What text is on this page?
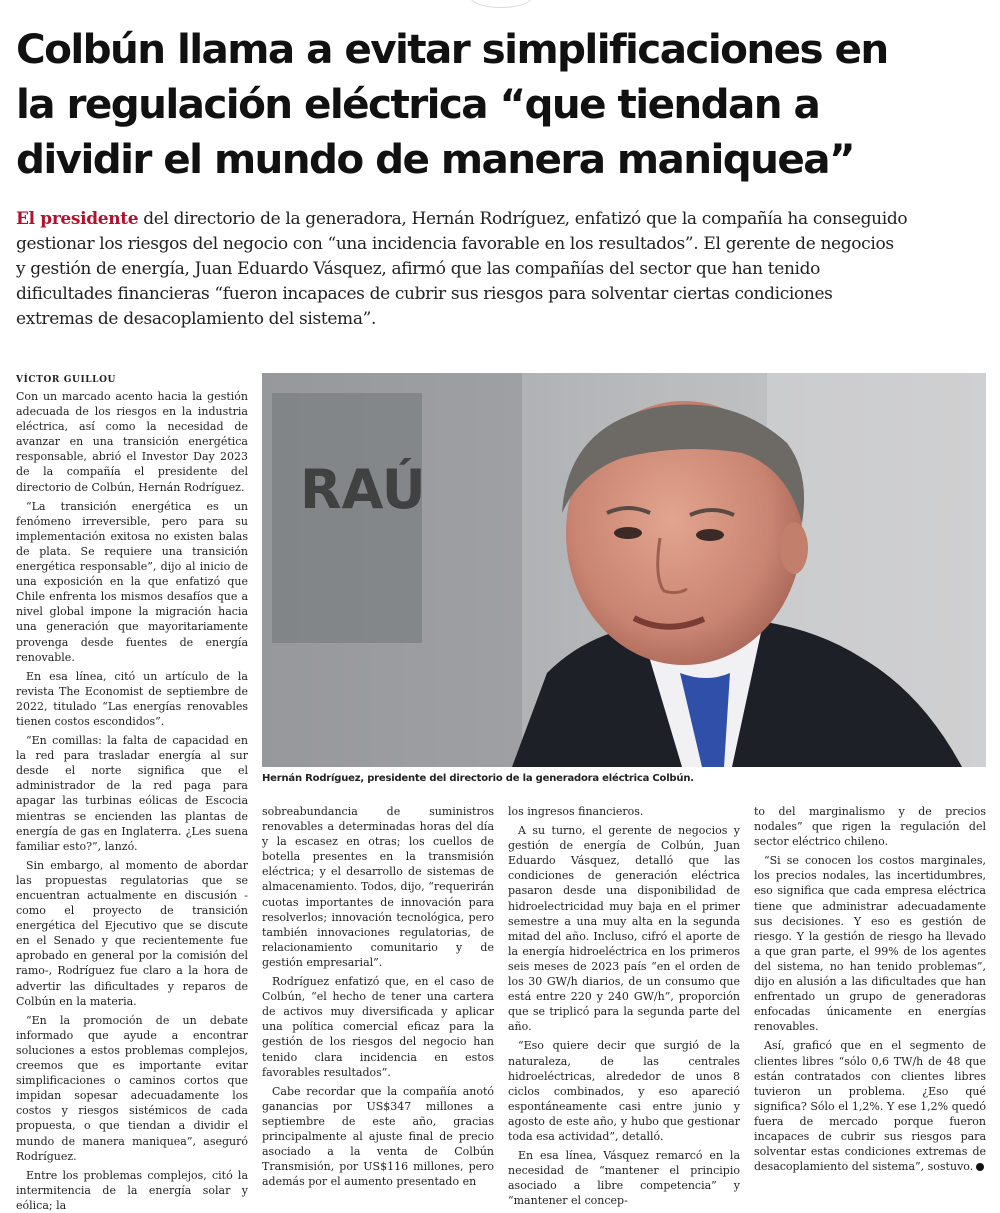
Colbún llama a evitar simplificaciones en
la regulación eléctrica “que tiendan a
dividir el mundo de manera maniquea”

El presidente del directorio de la generadora, Hernán Rodríguez, enfatizó que la compañía ha conseguido
gestionar los riesgos del negocio con “una incidencia favorable en los resultados”. El gerente de negocios
y gestión de energía, Juan Eduardo Vásquez, afirmó que las compañías del sector que han tenido
dificultades financieras “fueron incapaces de cubrir sus riesgos para solventar ciertas condiciones
extremas de desacoplamiento del sistema”.

VÍCTOR GUILLOU

Con un marcado acento hacia la gestión adecuada de los riesgos en la industria eléctrica, así como la necesidad de avanzar en una transición energética responsable, abrió el Investor Day 2023 de la compañía el presidente del directorio de Colbún, Hernán Rodríguez.

“La transición energética es un fenómeno irreversible, pero para su implementación exitosa no existen balas de plata. Se requiere una transición energética responsable”, dijo al inicio de una exposición en la que enfatizó que Chile enfrenta los mismos desafíos que a nivel global impone la migración hacia una generación que mayoritariamente provenga desde fuentes de energía renovable.

En esa línea, citó un artículo de la revista The Economist de septiembre de 2022, titulado “Las energías renovables tienen costos escondidos”.

“En comillas: la falta de capacidad en la red para trasladar energía al sur desde el norte significa que el administrador de la red paga para apagar las turbinas eólicas de Escocia mientras se encienden las plantas de energía de gas en Inglaterra. ¿Les suena familiar esto?”, lanzó.

Sin embargo, al momento de abordar las propuestas regulatorias que se encuentran actualmente en discusión -como el proyecto de transición energética del Ejecutivo que se discute en el Senado y que recientemente fue aprobado en general por la comisión del ramo-, Rodríguez fue claro a la hora de advertir las dificultades y reparos de Colbún en la materia.

“En la promoción de un debate informado que ayude a encontrar soluciones a estos problemas complejos, creemos que es importante evitar simplificaciones o caminos cortos que impidan sopesar adecuadamente los costos y riesgos sistémicos de cada propuesta, o que tiendan a dividir el mundo de manera maniquea”, aseguró Rodríguez.

Entre los problemas complejos, citó la intermitencia de la energía solar y eólica; la

RAÚ

Hernán Rodríguez, presidente del directorio de la generadora eléctrica Colbún.

sobreabundancia de suministros renovables a determinadas horas del día y la escasez en otras; los cuellos de botella presentes en la transmisión eléctrica; y el desarrollo de sistemas de almacenamiento. Todos, dijo, “requerirán cuotas importantes de innovación para resolverlos; innovación tecnológica, pero también innovaciones regulatorias, de relacionamiento comunitario y de gestión empresarial”.

Rodríguez enfatizó que, en el caso de Colbún, “el hecho de tener una cartera de activos muy diversificada y aplicar una política comercial eficaz para la gestión de los riesgos del negocio han tenido clara incidencia en estos favorables resultados”.

Cabe recordar que la compañía anotó ganancias por US$347 millones a septiembre de este año, gracias principalmente al ajuste final de precio asociado a la venta de Colbún Transmisión, por US$116 millones, pero además por el aumento presentado en

los ingresos financieros.

A su turno, el gerente de negocios y gestión de energía de Colbún, Juan Eduardo Vásquez, detalló que las condiciones de generación eléctrica pasaron desde una disponibilidad de hidroelectricidad muy baja en el primer semestre a una muy alta en la segunda mitad del año. Incluso, cifró el aporte de la energía hidroeléctrica en los primeros seis meses de 2023 país “en el orden de los 30 GW/h diarios, de un consumo que está entre 220 y 240 GW/h”, proporción que se triplicó para la segunda parte del año.

“Eso quiere decir que surgió de la naturaleza, de las centrales hidroeléctricas, alrededor de unos 8 ciclos combinados, y eso apareció espontáneamente casi entre junio y agosto de este año, y hubo que gestionar toda esa actividad”, detalló.

En esa línea, Vásquez remarcó en la necesidad de “mantener el principio asociado a libre competencia” y “mantener el concep-

to del marginalismo y de precios nodales” que rigen la regulación del sector eléctrico chileno.

“Si se conocen los costos marginales, los precios nodales, las incertidumbres, eso significa que cada empresa eléctrica tiene que administrar adecuadamente sus decisiones. Y eso es gestión de riesgo. Y la gestión de riesgo ha llevado a que gran parte, el 99% de los agentes del sistema, no han tenido problemas”, dijo en alusión a las dificultades que han enfrentado un grupo de generadoras enfocadas únicamente en energías renovables.

Así, graficó que en el segmento de clientes libres “sólo 0,6 TW/h de 48 que están contratados con clientes libres tuvieron un problema. ¿Eso qué significa? Sólo el 1,2%. Y ese 1,2% quedó fuera de mercado porque fueron incapaces de cubrir sus riesgos para solventar estas condiciones extremas de desacoplamiento del sistema”, sostuvo.
